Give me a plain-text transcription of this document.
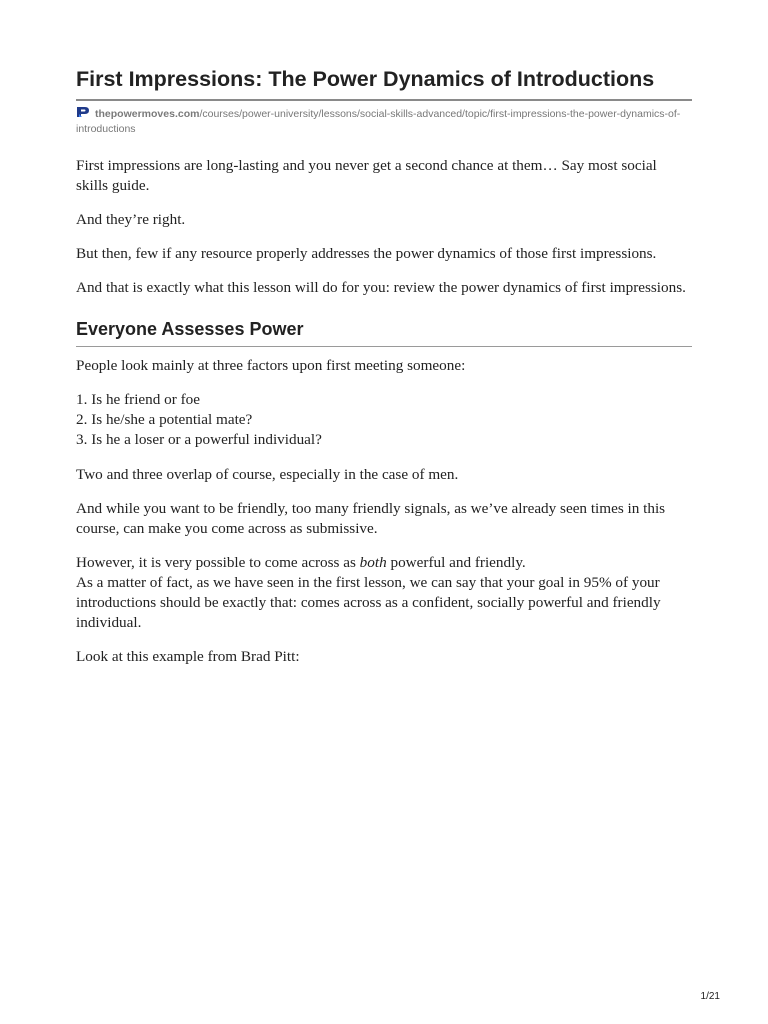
First Impressions: The Power Dynamics of Introductions
thepowermoves.com/courses/power-university/lessons/social-skills-advanced/topic/first-impressions-the-power-dynamics-of-introductions

First impressions are long-lasting and you never get a second chance at them… Say most social skills guide.

And they’re right.

But then, few if any resource properly addresses the power dynamics of those first impressions.

And that is exactly what this lesson will do for you: review the power dynamics of first impressions.

Everyone Assesses Power

People look mainly at three factors upon first meeting someone:

1. Is he friend or foe
2. Is he/she a potential mate?
3. Is he a loser or a powerful individual?

Two and three overlap of course, especially in the case of men.

And while you want to be friendly, too many friendly signals, as we’ve already seen times in this course, can make you come across as submissive.

However, it is very possible to come across as both powerful and friendly.
As a matter of fact, as we have seen in the first lesson, we can say that your goal in 95% of your introductions should be exactly that: comes across as a confident, socially powerful and friendly individual.

Look at this example from Brad Pitt:

1/21
